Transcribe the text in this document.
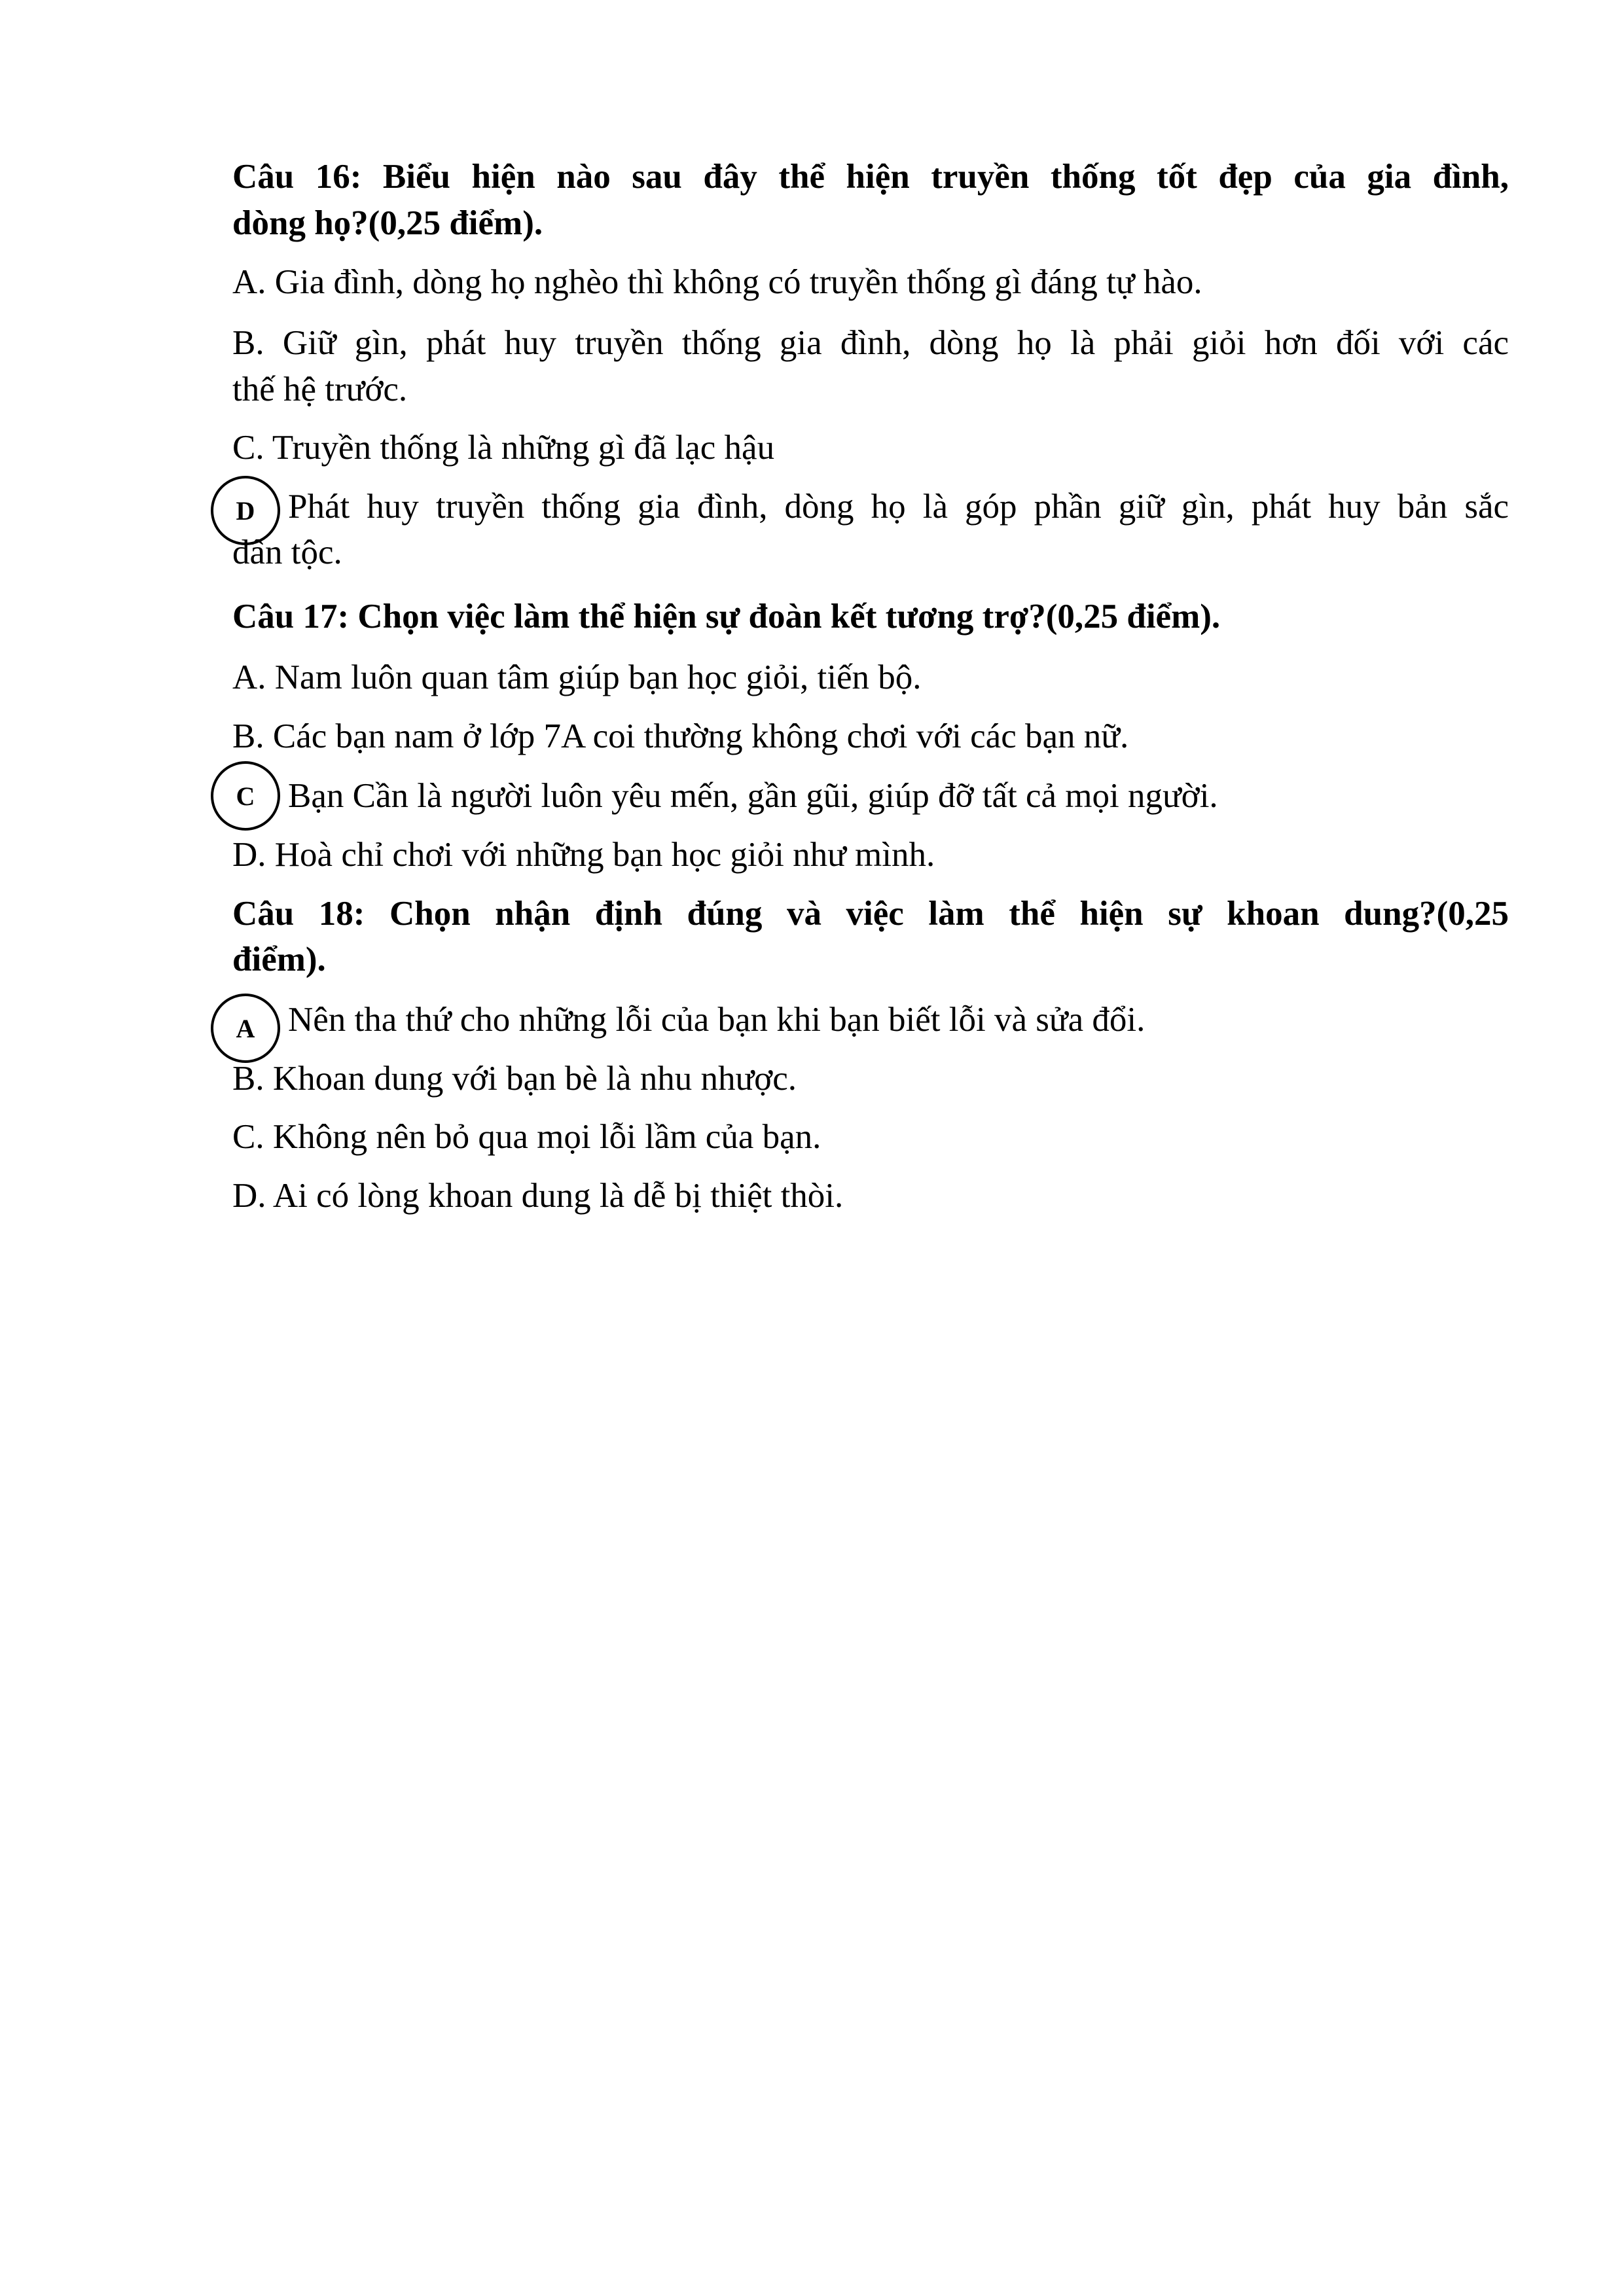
Câu 16: Biểu hiện nào sau đây thể hiện truyền thống tốt đẹp của gia đình,
dòng họ?(0,25 điểm).
A. Gia đình, dòng họ nghèo thì không có truyền thống gì đáng tự hào.
B. Giữ gìn, phát huy truyền thống gia đình, dòng họ là phải giỏi hơn đối với các
thế hệ trước.
C. Truyền thống là những gì đã lạc hậu
Phát huy truyền thống gia đình, dòng họ là góp phần giữ gìn, phát huy bản sắc
dân tộc.
D
Câu 17: Chọn việc làm thể hiện sự đoàn kết tương trợ?(0,25 điểm).
A. Nam luôn quan tâm giúp bạn học giỏi, tiến bộ.
B. Các bạn nam ở lớp 7A coi thường không chơi với các bạn nữ.
Bạn Cần là người luôn yêu mến, gần gũi, giúp đỡ tất cả mọi người.
C
D. Hoà chỉ chơi với những bạn học giỏi như mình.
Câu 18: Chọn nhận định đúng và việc làm thể hiện sự khoan dung?(0,25
điểm).
Nên tha thứ cho những lỗi của bạn khi bạn biết lỗi và sửa đổi.
A
B. Khoan dung với bạn bè là nhu nhược.
C. Không nên bỏ qua mọi lỗi lầm của bạn.
D. Ai có lòng khoan dung là dễ bị thiệt thòi.
